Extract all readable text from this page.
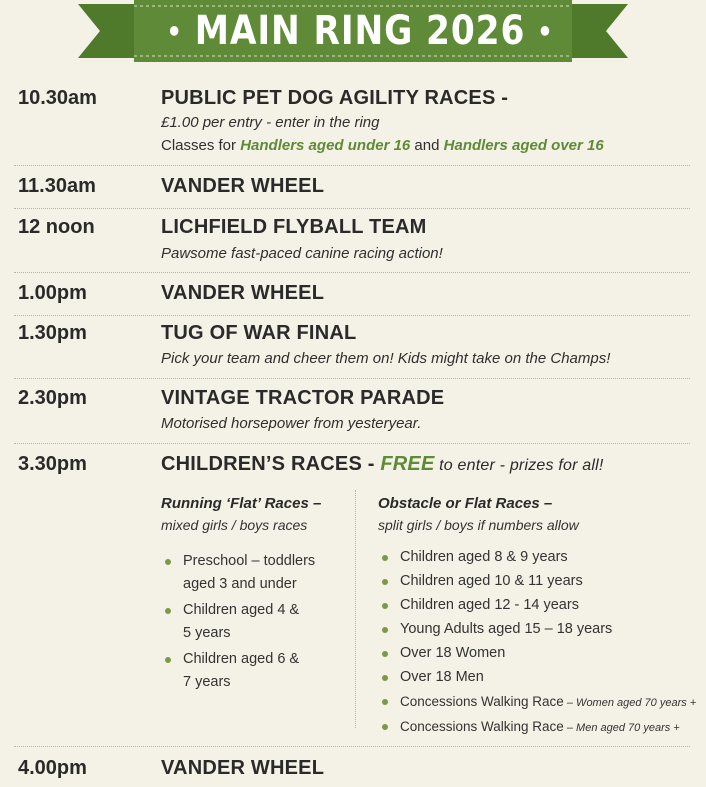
• MAIN RING 2026 •
10.30am	PUBLIC PET DOG AGILITY RACES -
£1.00 per entry - enter in the ring
Classes for Handlers aged under 16 and Handlers aged over 16
11.30am	VANDER WHEEL
12 noon	LICHFIELD FLYBALL TEAM
Pawsome fast-paced canine racing action!
1.00pm	VANDER WHEEL
1.30pm	TUG OF WAR FINAL
Pick your team and cheer them on! Kids might take on the Champs!
2.30pm	VINTAGE TRACTOR PARADE
Motorised horsepower from yesteryear.
3.30pm	CHILDREN’S RACES - FREE to enter - prizes for all!
Running ‘Flat’ Races –
mixed girls / boys races
Preschool – toddlers
aged 3 and under
Children aged 4 &
5 years
Children aged 6 &
7 years
Obstacle or Flat Races –
split girls / boys if numbers allow
Children aged 8 & 9 years
Children aged 10 & 11 years
Children aged 12 - 14 years
Young Adults aged 15 – 18 years
Over 18 Women
Over 18 Men
Concessions Walking Race – Women aged 70 years +
Concessions Walking Race – Men aged 70 years +
4.00pm	VANDER WHEEL
